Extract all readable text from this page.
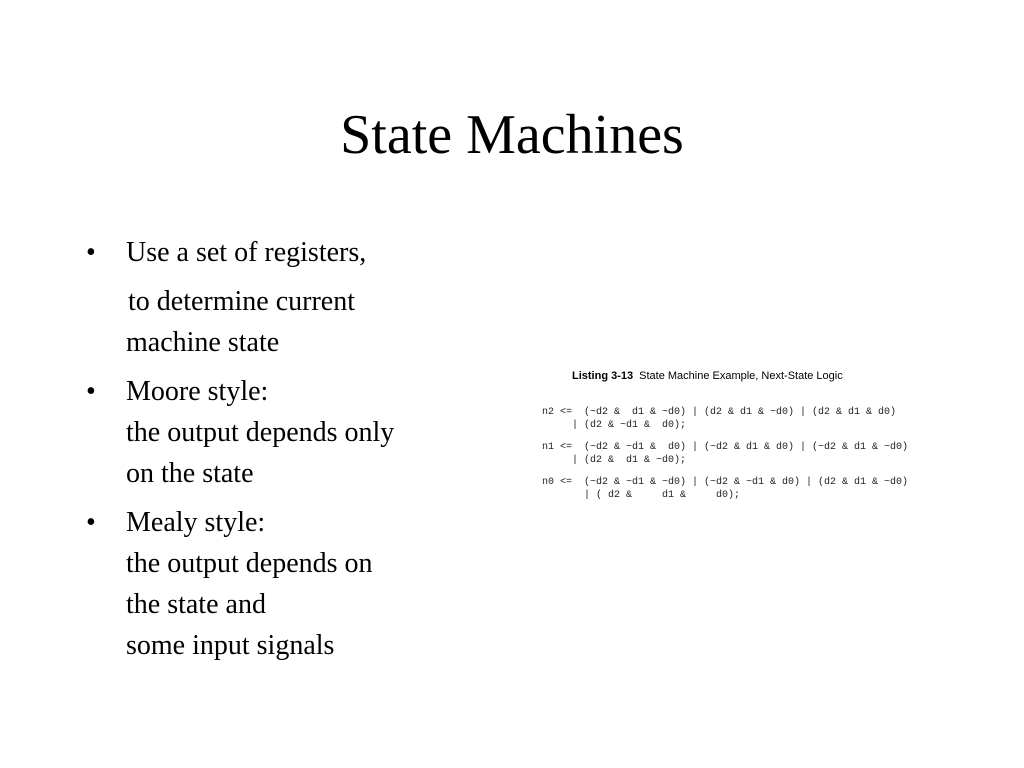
State Machines
•	Use a set of registers,
to determine current
machine state
•	Moore style:
the output depends only
on the state
•	Mealy style:
the output depends on
the state and
some input signals
Listing 3-13 State Machine Example, Next-State Logic
n2 <=  (~d2 &  d1 & ~d0) | (d2 & d1 & ~d0) | (d2 & d1 & d0)
| (d2 & ~d1 &  d0);
n1 <=  (~d2 & ~d1 &  d0) | (~d2 & d1 & d0) | (~d2 & d1 & ~d0)
| (d2 &  d1 & ~d0);
n0 <=  (~d2 & ~d1 & ~d0) | (~d2 & ~d1 & d0) | (d2 & d1 & ~d0)
| ( d2 &     d1 &     d0);
